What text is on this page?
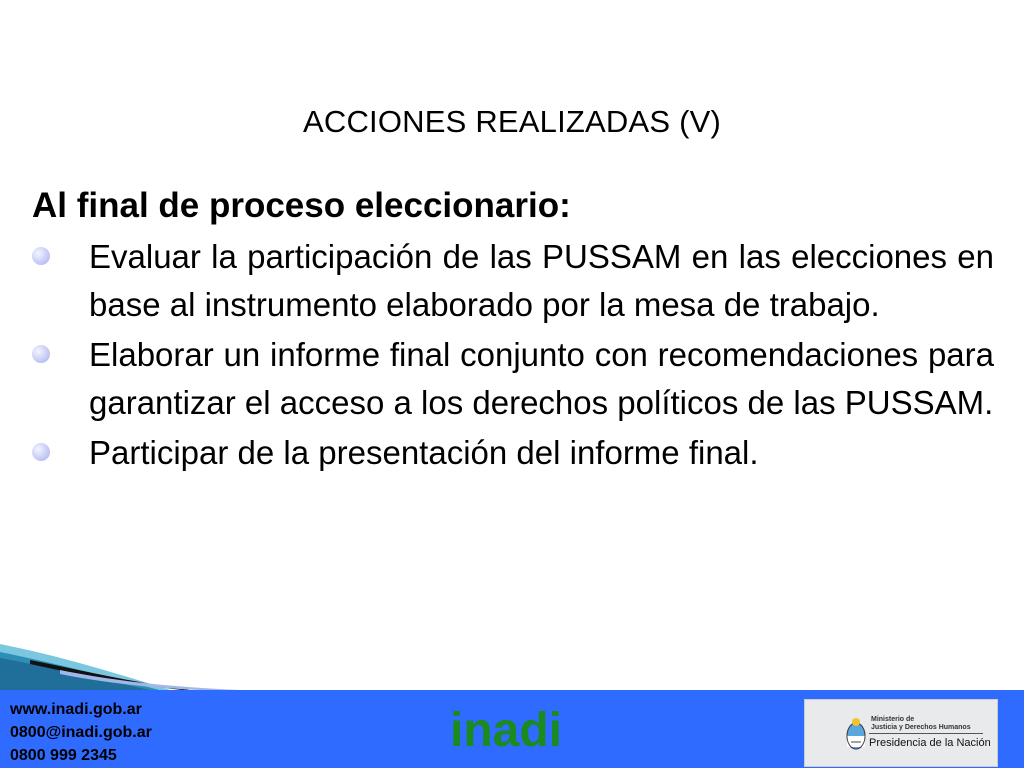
ACCIONES REALIZADAS (V)
Al final de proceso eleccionario:
Evaluar la participación de las PUSSAM en las elecciones en base al instrumento elaborado por la mesa de trabajo.
Elaborar un informe final conjunto con recomendaciones para garantizar el acceso a los derechos políticos de las PUSSAM.
Participar de la presentación del informe final.
www.inadi.gob.ar
0800@inadi.gob.ar
0800 999 2345	inadi	Ministerio de
Justicia y Derechos Humanos
Presidencia de la Nación
